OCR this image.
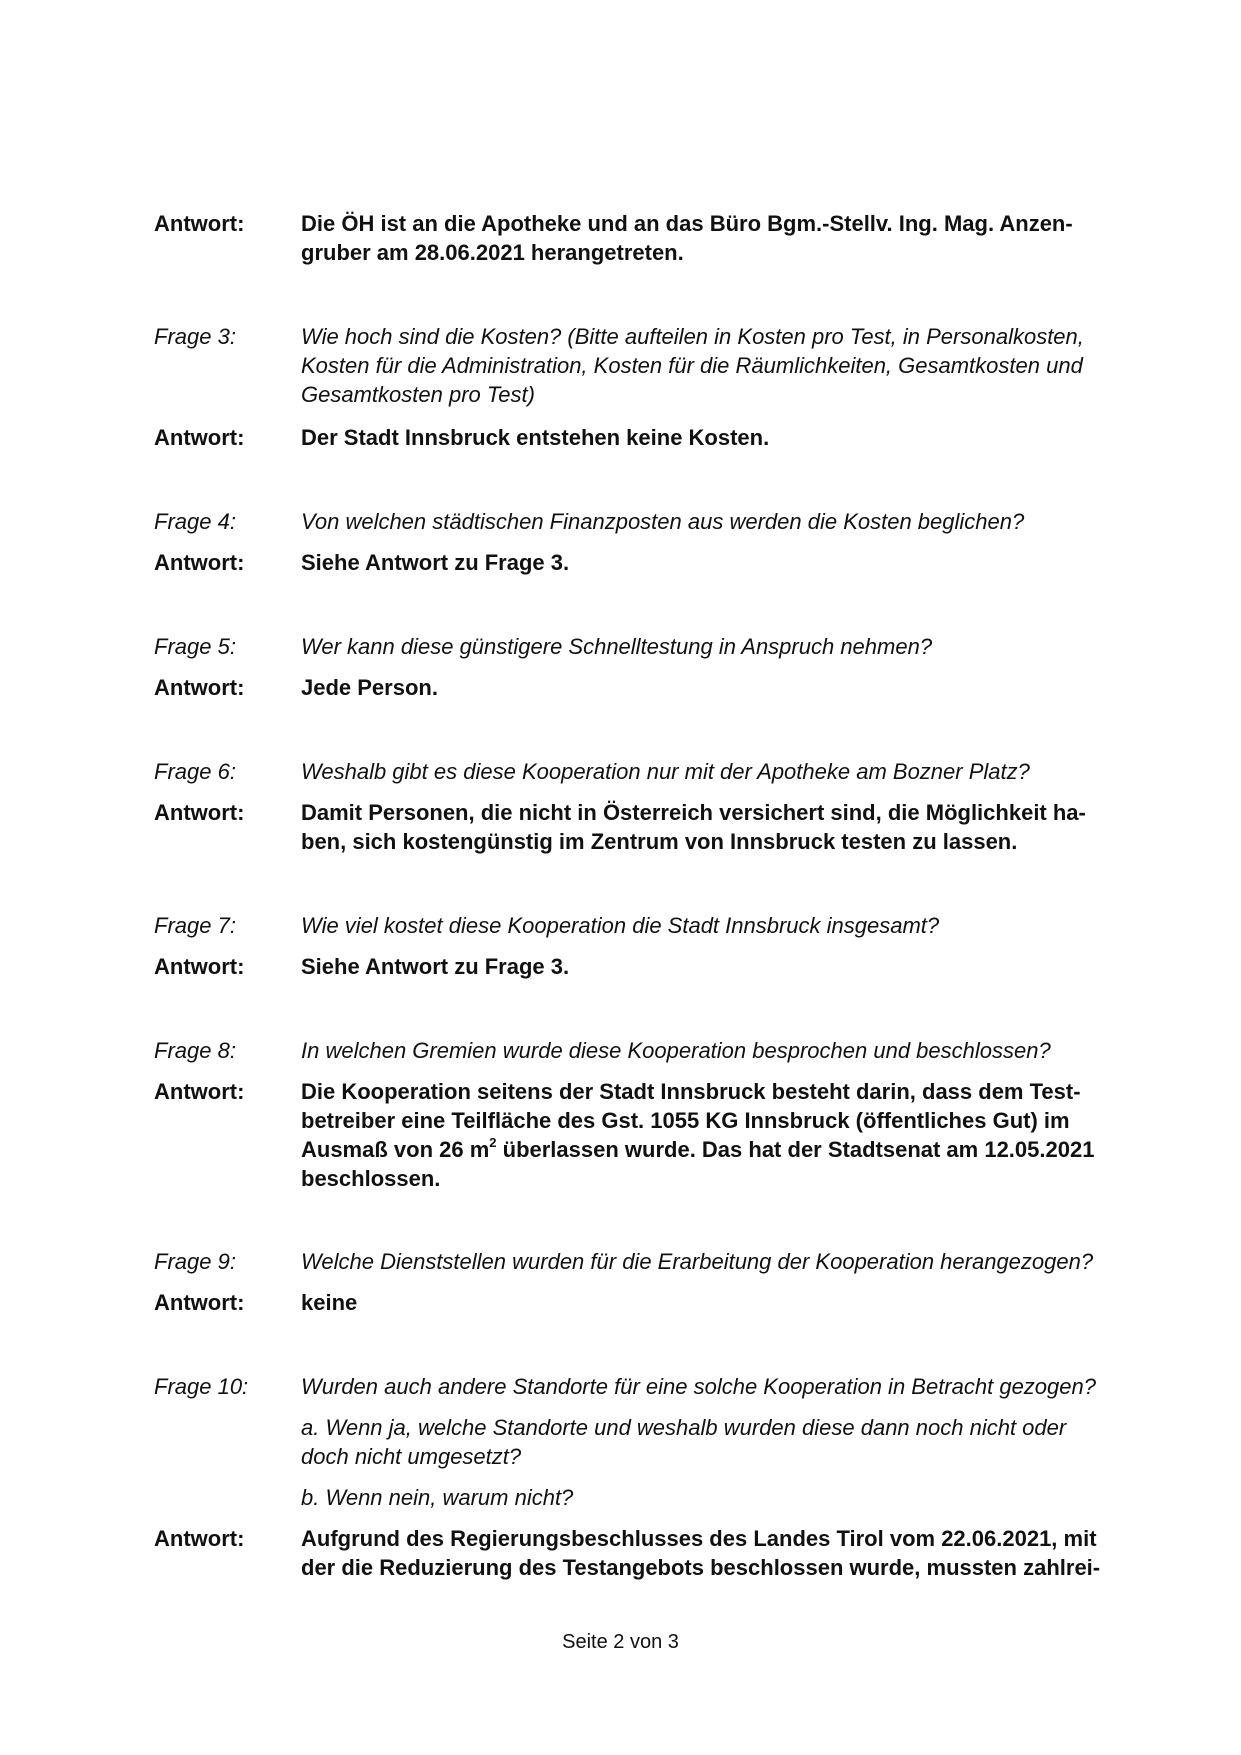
Antwort:	Die ÖH ist an die Apotheke und an das Büro Bgm.-Stellv. Ing. Mag. Anzen-
gruber am 28.06.2021 herangetreten.
Frage 3:	Wie hoch sind die Kosten? (Bitte aufteilen in Kosten pro Test, in Personalkosten,
Kosten für die Administration, Kosten für die Räumlichkeiten, Gesamtkosten und
Gesamtkosten pro Test)
Antwort:	Der Stadt Innsbruck entstehen keine Kosten.
Frage 4:	Von welchen städtischen Finanzposten aus werden die Kosten beglichen?
Antwort:	Siehe Antwort zu Frage 3.
Frage 5:	Wer kann diese günstigere Schnelltestung in Anspruch nehmen?
Antwort:	Jede Person.
Frage 6:	Weshalb gibt es diese Kooperation nur mit der Apotheke am Bozner Platz?
Antwort:	Damit Personen, die nicht in Österreich versichert sind, die Möglichkeit ha-
ben, sich kostengünstig im Zentrum von Innsbruck testen zu lassen.
Frage 7:	Wie viel kostet diese Kooperation die Stadt Innsbruck insgesamt?
Antwort:	Siehe Antwort zu Frage 3.
Frage 8:	In welchen Gremien wurde diese Kooperation besprochen und beschlossen?
Antwort:	Die Kooperation seitens der Stadt Innsbruck besteht darin, dass dem Test-
betreiber eine Teilfläche des Gst. 1055 KG Innsbruck (öffentliches Gut) im
Ausmaß von 26 $m^2$ überlassen wurde. Das hat der Stadtsenat am 12.05.2021
beschlossen.
Frage 9:	Welche Dienststellen wurden für die Erarbeitung der Kooperation herangezogen?
Antwort:	keine
Frage 10: Wurden auch andere Standorte für eine solche Kooperation in Betracht gezogen?
a. Wenn ja, welche Standorte und weshalb wurden diese dann noch nicht oder
doch nicht umgesetzt?
b. Wenn nein, warum nicht?
Antwort:	Aufgrund des Regierungsbeschlusses des Landes Tirol vom 22.06.2021, mit
der die Reduzierung des Testangebots beschlossen wurde, mussten zahlrei-
Seite 2 von 3
